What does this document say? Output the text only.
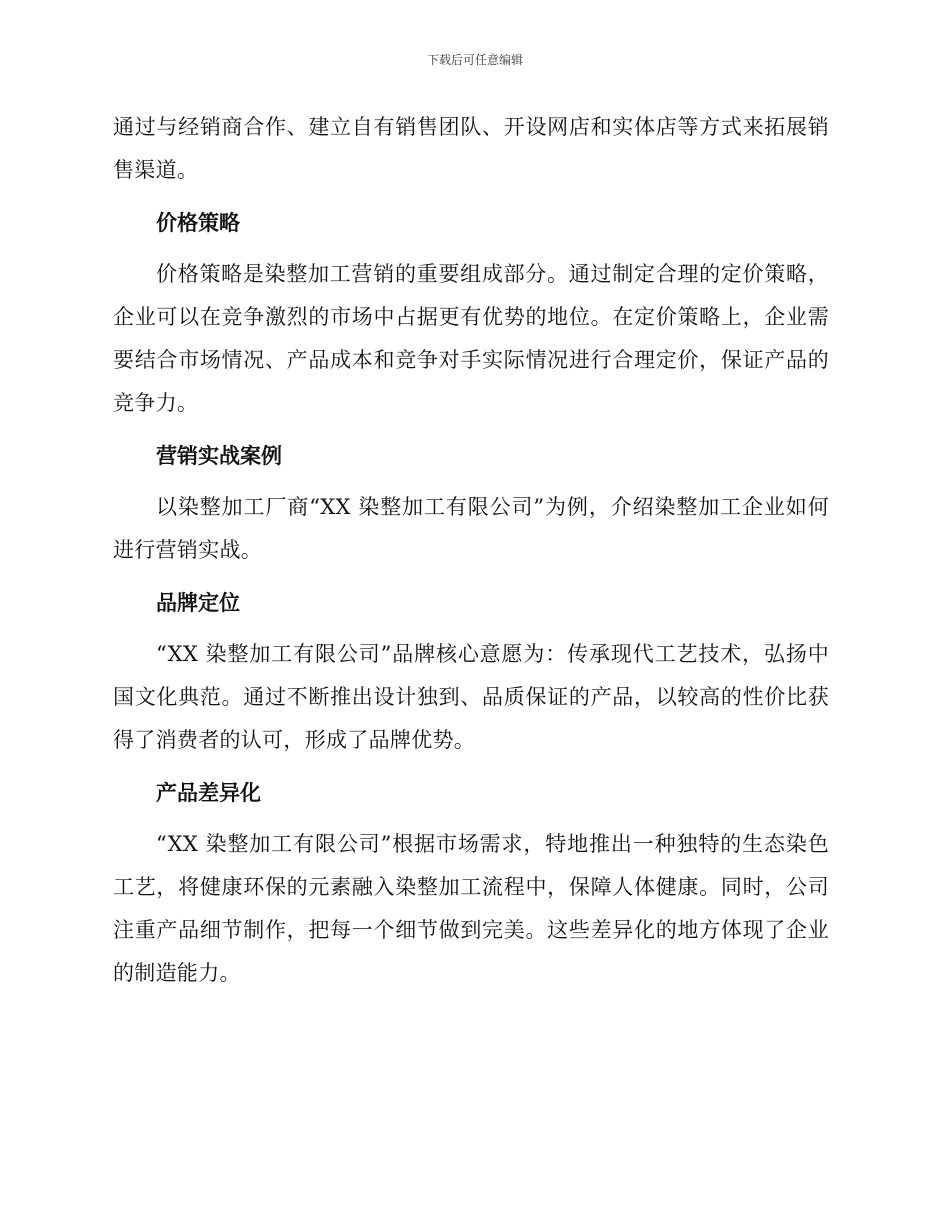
下载后可任意编辑

通过与经销商合作、建立自有销售团队、开设网店和实体店等方式来拓展销售渠道。

价格策略

价格策略是染整加工营销的重要组成部分。通过制定合理的定价策略，企业可以在竞争激烈的市场中占据更有优势的地位。在定价策略上，企业需要结合市场情况、产品成本和竞争对手实际情况进行合理定价，保证产品的竞争力。

营销实战案例

以染整加工厂商“XX 染整加工有限公司”为例，介绍染整加工企业如何进行营销实战。

品牌定位

“XX 染整加工有限公司”品牌核心意愿为：传承现代工艺技术，弘扬中国文化典范。通过不断推出设计独到、品质保证的产品，以较高的性价比获得了消费者的认可，形成了品牌优势。

产品差异化

“XX 染整加工有限公司”根据市场需求，特地推出一种独特的生态染色工艺，将健康环保的元素融入染整加工流程中，保障人体健康。同时，公司注重产品细节制作，把每一个细节做到完美。这些差异化的地方体现了企业的制造能力。
